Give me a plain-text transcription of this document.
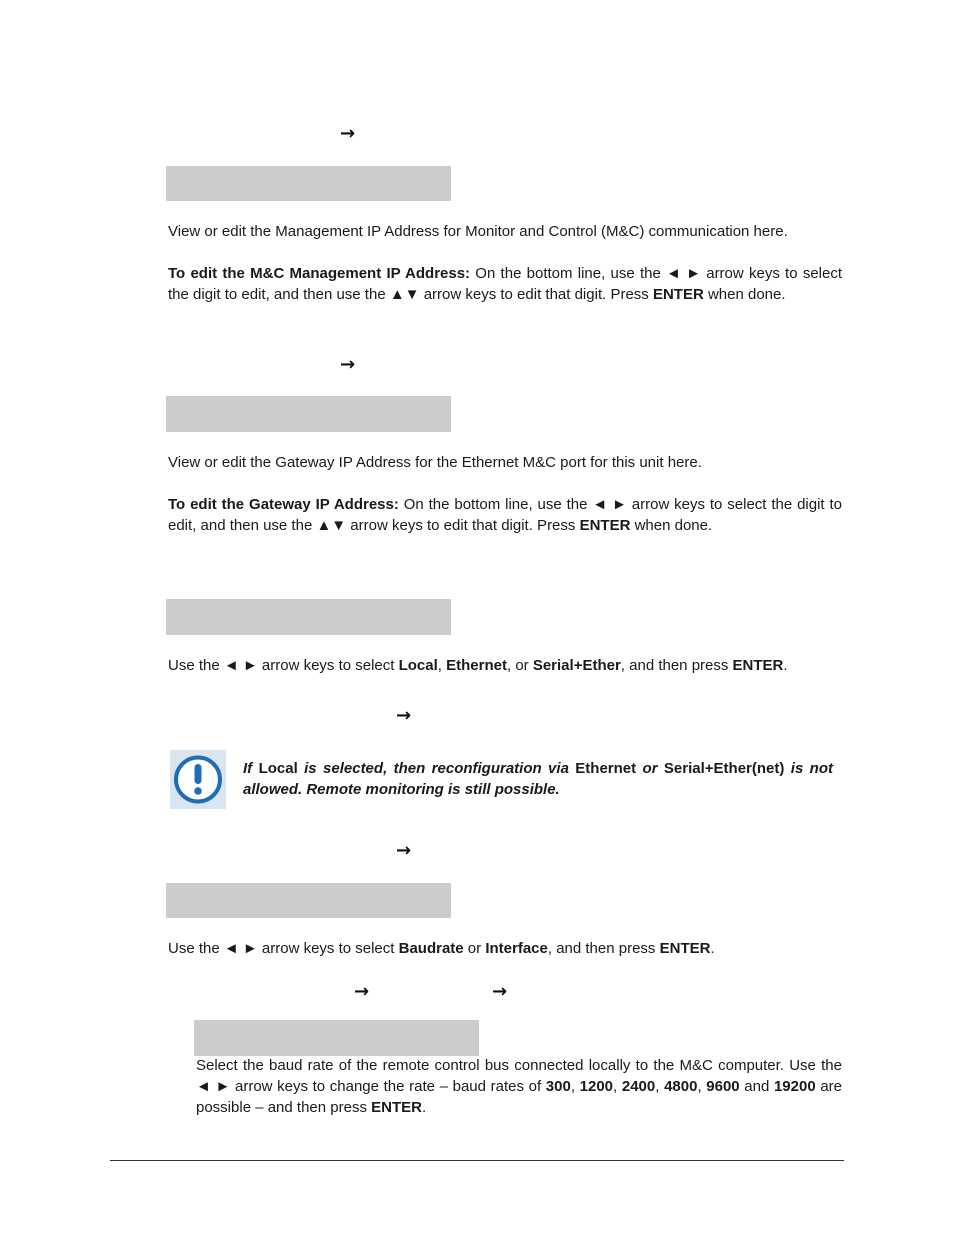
→

View or edit the Management IP Address for Monitor and Control (M&C) communication here.

To edit the M&C Management IP Address: On the bottom line, use the ◄ ► arrow keys to select the digit to edit, and then use the ▲▼ arrow keys to edit that digit. Press ENTER when done.

→

View or edit the Gateway IP Address for the Ethernet M&C port for this unit here.

To edit the Gateway IP Address: On the bottom line, use the ◄ ► arrow keys to select the digit to edit, and then use the ▲▼ arrow keys to edit that digit. Press ENTER when done.

Use the ◄ ► arrow keys to select Local, Ethernet, or Serial+Ether, and then press ENTER.

→
If Local is selected, then reconfiguration via Ethernet or Serial+Ether(net) is not allowed. Remote monitoring is still possible.
→

Use the ◄ ► arrow keys to select Baudrate or Interface, and then press ENTER.

→	→

Select the baud rate of the remote control bus connected locally to the M&C computer. Use the ◄ ► arrow keys to change the rate – baud rates of 300, 1200, 2400, 4800, 9600 and 19200 are possible – and then press ENTER.
